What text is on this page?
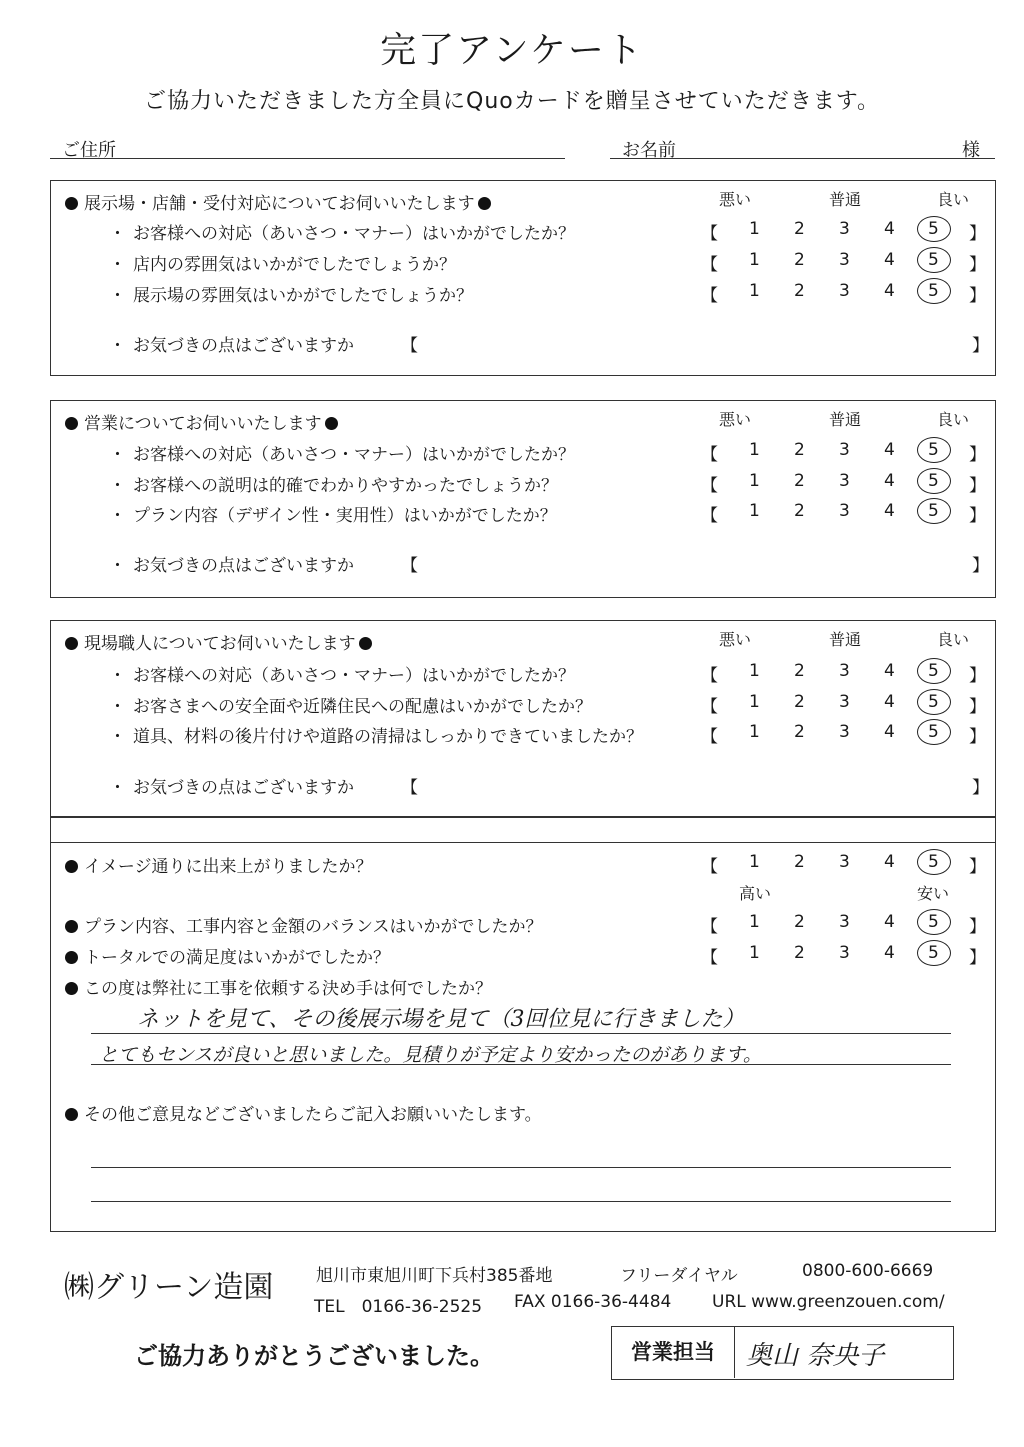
完了アンケート
ご協力いただきました方全員にQuoカードを贈呈させていただきます。
ご住所	お名前	様
展示場・店舗・受付対応についてお伺いいたします	悪い	普通	良い
・ お客様への対応（あいさつ・マナー）はいかがでしたか？	【 1 2 3 4 5 】
・ 店内の雰囲気はいかがでしたでしょうか？	【 1 2 3 4 5 】
・ 展示場の雰囲気はいかがでしたでしょうか？	【 1 2 3 4 5 】
・ お気づきの点はございますか	【	】
営業についてお伺いいたします	悪い	普通	良い
・ お客様への対応（あいさつ・マナー）はいかがでしたか？	【 1 2 3 4 5 】
・ お客様への説明は的確でわかりやすかったでしょうか？	【 1 2 3 4 5 】
・ プラン内容（デザイン性・実用性）はいかがでしたか？	【 1 2 3 4 5 】
・ お気づきの点はございますか	【	】
現場職人についてお伺いいたします	悪い	普通	良い
・ お客様への対応（あいさつ・マナー）はいかがでしたか？	【 1 2 3 4 5 】
・ お客さまへの安全面や近隣住民への配慮はいかがでしたか？	【 1 2 3 4 5 】
・ 道具、材料の後片付けや道路の清掃はしっかりできていましたか？	【 1 2 3 4 5 】
・ お気づきの点はございますか	【	】
イメージ通りに出来上がりましたか？	【 1 2 3 4 5 】
高い	安い
プラン内容、工事内容と金額のバランスはいかがでしたか？	【 1 2 3 4 5 】
トータルでの満足度はいかがでしたか？	【 1 2 3 4 5 】
この度は弊社に工事を依頼する決め手は何でしたか？
ネットを見て、その後展示場を見て（3回位見に行きました）
とてもセンスが良いと思いました。見積りが予定より安かったのがあります。
その他ご意見などございましたらご記入お願いいたします。
㈱グリーン造園	旭川市東旭川町下兵村385番地	フリーダイヤル	0800-600-6669
TEL　0166-36-2525 FAX 0166-36-4484 URL www.greenzouen.com/
ご協力ありがとうございました。	営業担当	奥山 奈央子
